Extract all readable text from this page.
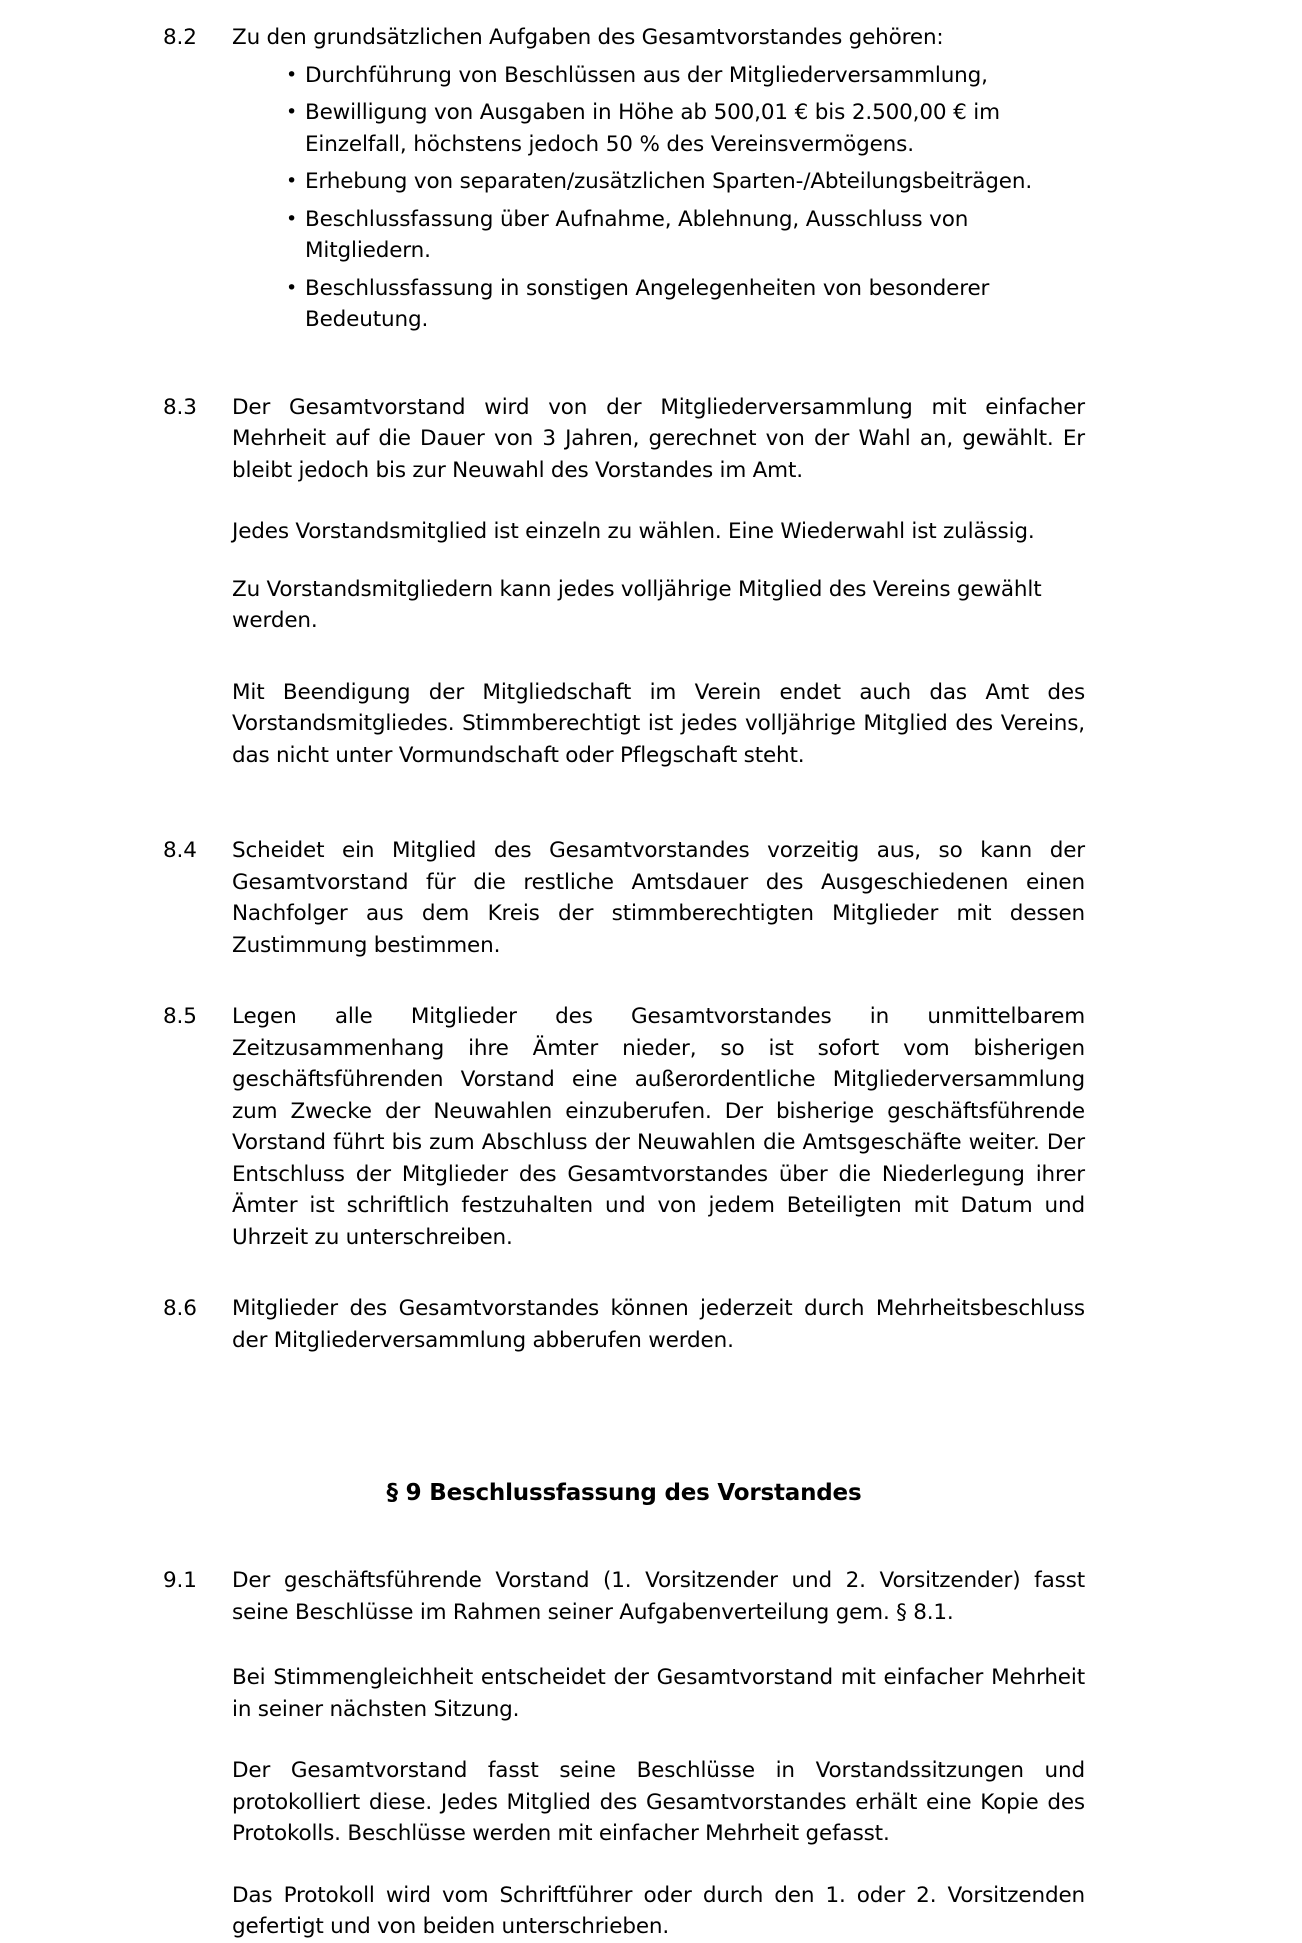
8.2	Zu den grundsätzlichen Aufgaben des Gesamtvorstandes gehören:

• Durchführung von Beschlüssen aus der Mitgliederversammlung,
• Bewilligung von Ausgaben in Höhe ab 500,01 € bis 2.500,00 € im Einzelfall, höchstens jedoch 50 % des Vereinsvermögens.
• Erhebung von separaten/zusätzlichen Sparten-/Abteilungsbeiträgen.
• Beschlussfassung über Aufnahme, Ablehnung, Ausschluss von Mitgliedern.
• Beschlussfassung in sonstigen Angelegenheiten von besonderer Bedeutung.
8.3	Der Gesamtvorstand wird von der Mitgliederversammlung mit einfacher Mehrheit auf die Dauer von 3 Jahren, gerechnet von der Wahl an, gewählt. Er bleibt jedoch bis zur Neuwahl des Vorstandes im Amt.

Jedes Vorstandsmitglied ist einzeln zu wählen. Eine Wiederwahl ist zulässig.

Zu Vorstandsmitgliedern kann jedes volljährige Mitglied des Vereins gewählt werden.

Mit Beendigung der Mitgliedschaft im Verein endet auch das Amt des Vorstandsmitgliedes. Stimmberechtigt ist jedes volljährige Mitglied des Vereins, das nicht unter Vormundschaft oder Pflegschaft steht.

8.4	Scheidet ein Mitglied des Gesamtvorstandes vorzeitig aus, so kann der Gesamtvorstand für die restliche Amtsdauer des Ausgeschiedenen einen Nachfolger aus dem Kreis der stimmberechtigten Mitglieder mit dessen Zustimmung bestimmen.

8.5	Legen alle Mitglieder des Gesamtvorstandes in unmittelbarem Zeitzusammenhang ihre Ämter nieder, so ist sofort vom bisherigen geschäftsführenden Vorstand eine außerordentliche Mitgliederversammlung zum Zwecke der Neuwahlen einzuberufen. Der bisherige geschäftsführende Vorstand führt bis zum Abschluss der Neuwahlen die Amtsgeschäfte weiter. Der Entschluss der Mitglieder des Gesamtvorstandes über die Niederlegung ihrer Ämter ist schriftlich festzuhalten und von jedem Beteiligten mit Datum und Uhrzeit zu unterschreiben.

8.6	Mitglieder des Gesamtvorstandes können jederzeit durch Mehrheitsbeschluss der Mitgliederversammlung abberufen werden.

§ 9 Beschlussfassung des Vorstandes
9.1	Der geschäftsführende Vorstand (1. Vorsitzender und 2. Vorsitzender) fasst seine Beschlüsse im Rahmen seiner Aufgabenverteilung gem. § 8.1.

Bei Stimmengleichheit entscheidet der Gesamtvorstand mit einfacher Mehrheit in seiner nächsten Sitzung.

Der Gesamtvorstand fasst seine Beschlüsse in Vorstandssitzungen und protokolliert diese. Jedes Mitglied des Gesamtvorstandes erhält eine Kopie des Protokolls. Beschlüsse werden mit einfacher Mehrheit gefasst.

Das Protokoll wird vom Schriftführer oder durch den 1. oder 2. Vorsitzenden gefertigt und von beiden unterschrieben.
